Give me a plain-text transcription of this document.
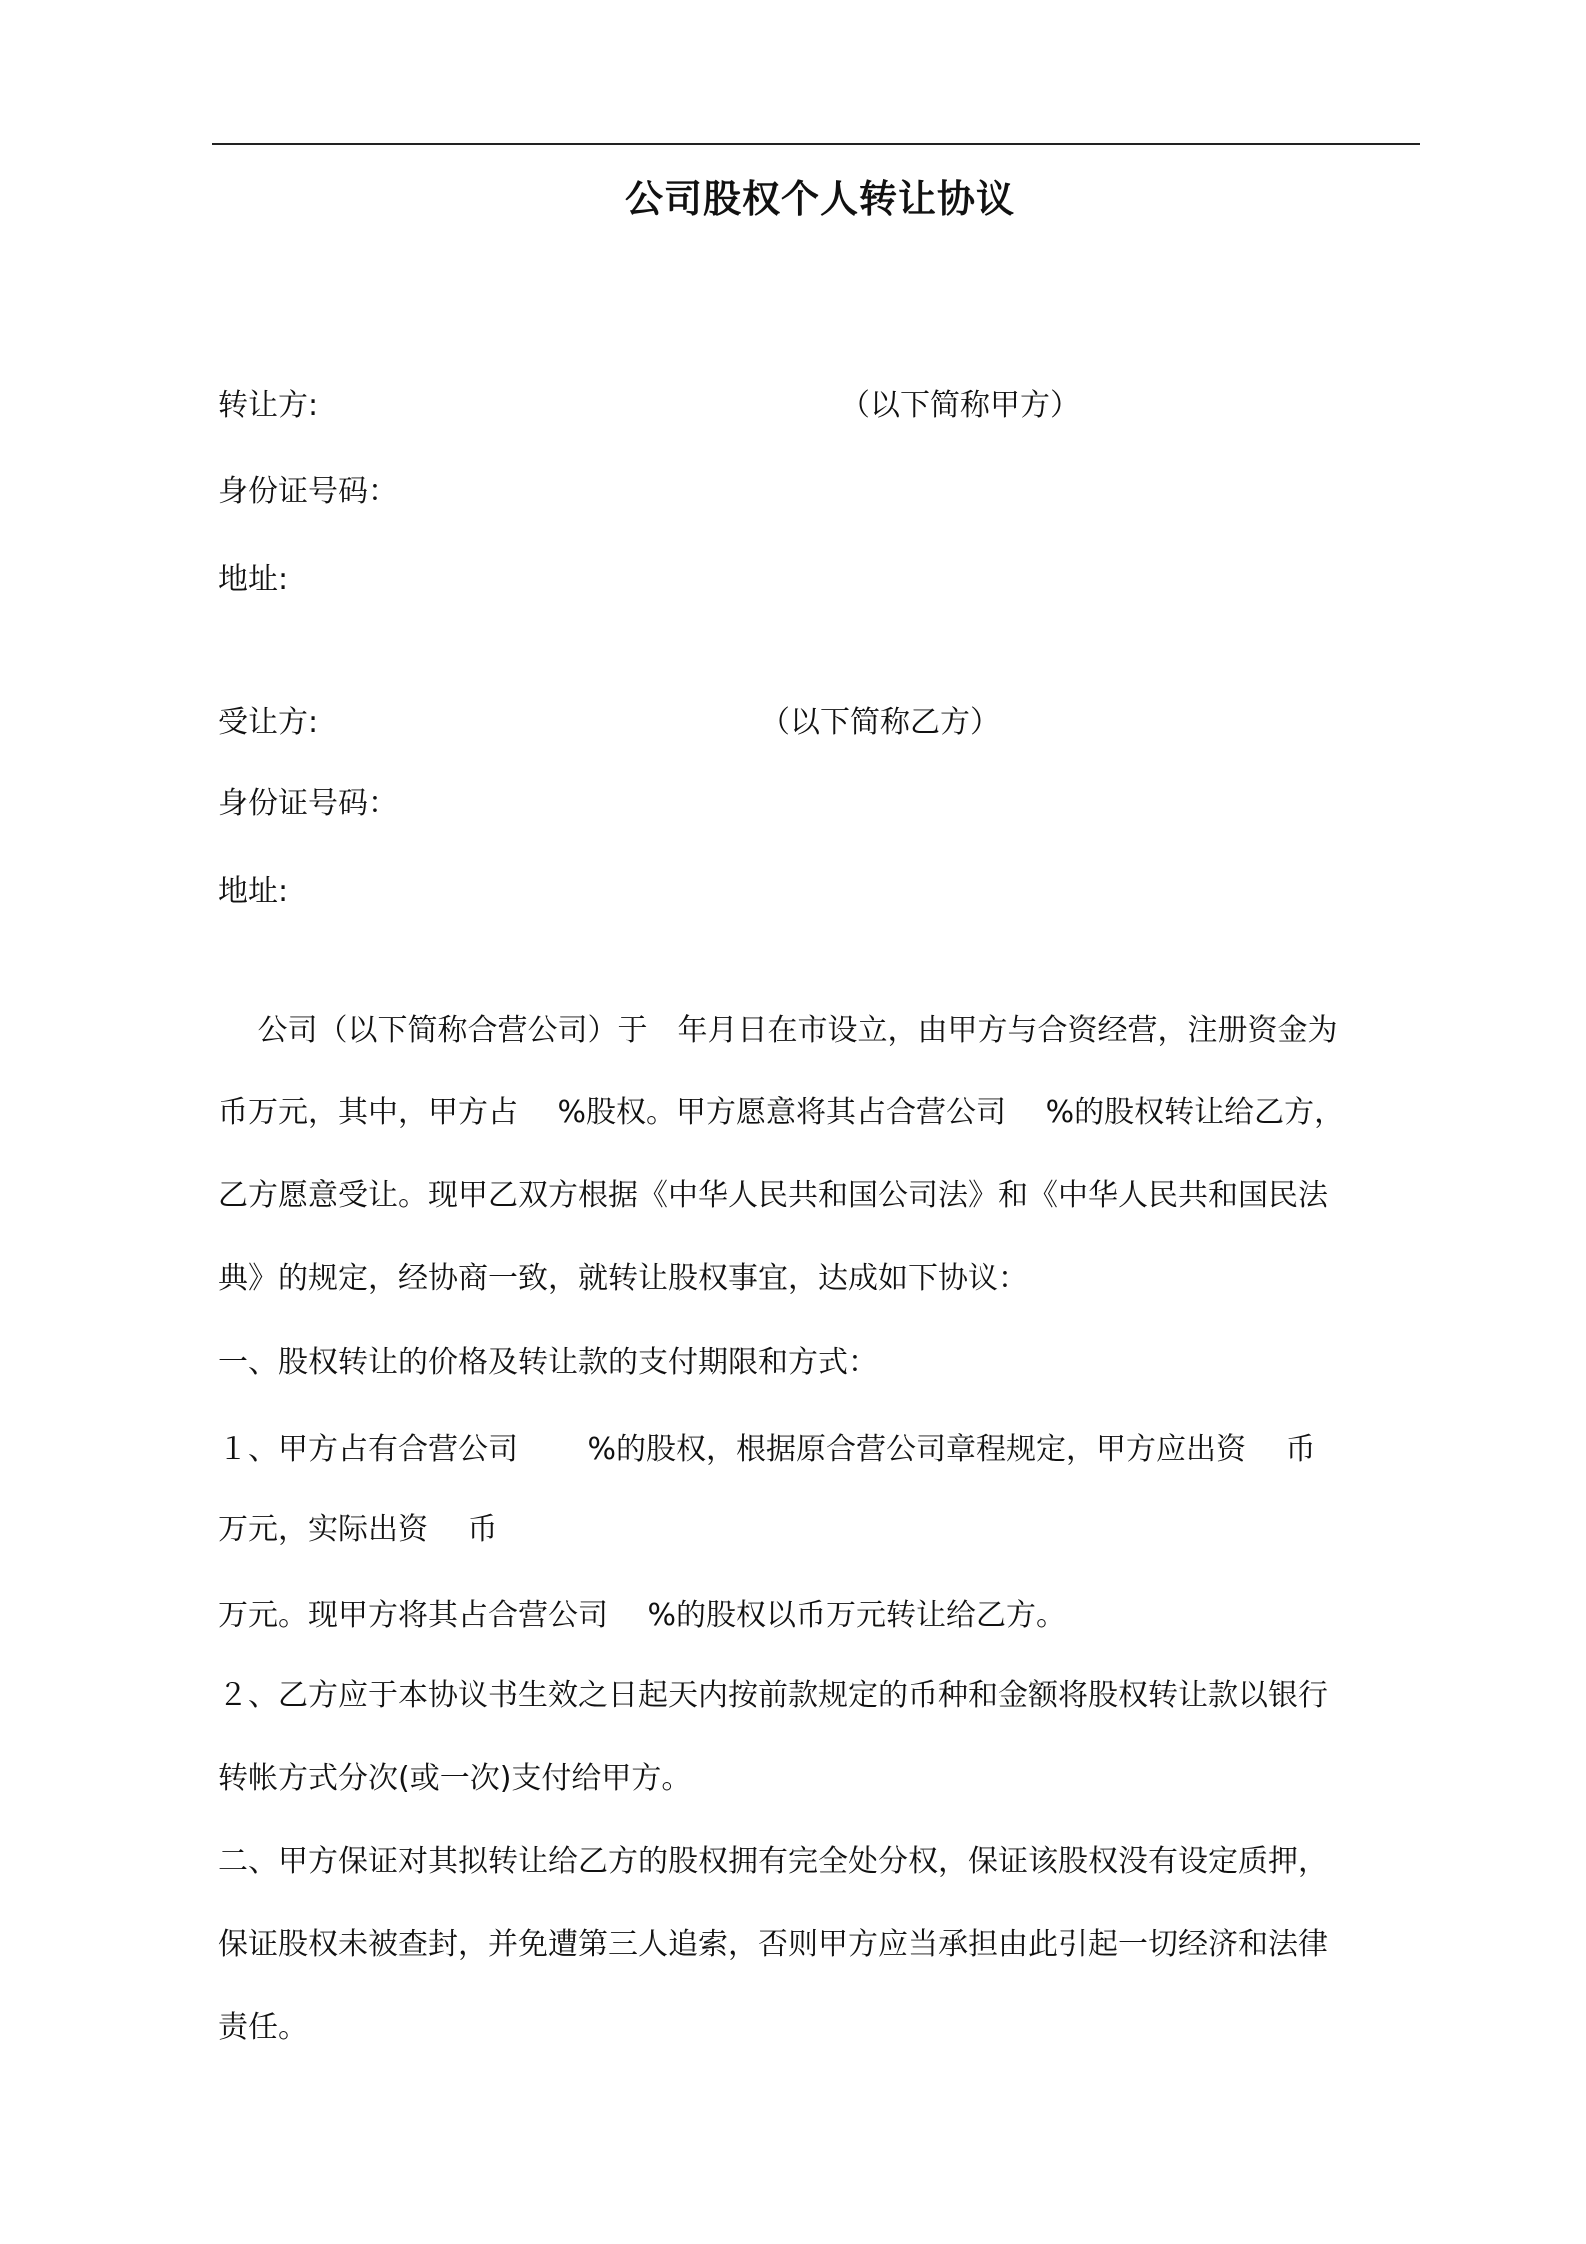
公司股权个人转让协议
转让方:	（以下简称甲方）
身份证号码：
地址:
受让方:	（以下简称乙方）
身份证号码：
地址:
　 公司（以下简称合营公司）于　年月日在市设立，由甲方与合资经营，注册资金为
币万元，其中，甲方占　 %股权。甲方愿意将其占合营公司　 %的股权转让给乙方，
乙方愿意受让。现甲乙双方根据《中华人民共和国公司法》和《中华人民共和国民法
典》的规定，经协商一致，就转让股权事宜，达成如下协议：
一、股权转让的价格及转让款的支付期限和方式：
１、甲方占有合营公司　　 %的股权，根据原合营公司章程规定，甲方应出资　 币
万元，实际出资　 币
万元。现甲方将其占合营公司　 %的股权以币万元转让给乙方。
２、乙方应于本协议书生效之日起天内按前款规定的币种和金额将股权转让款以银行
转帐方式分次(或一次)支付给甲方。
二、甲方保证对其拟转让给乙方的股权拥有完全处分权，保证该股权没有设定质押，
保证股权未被查封，并免遭第三人追索，否则甲方应当承担由此引起一切经济和法律
责任。
